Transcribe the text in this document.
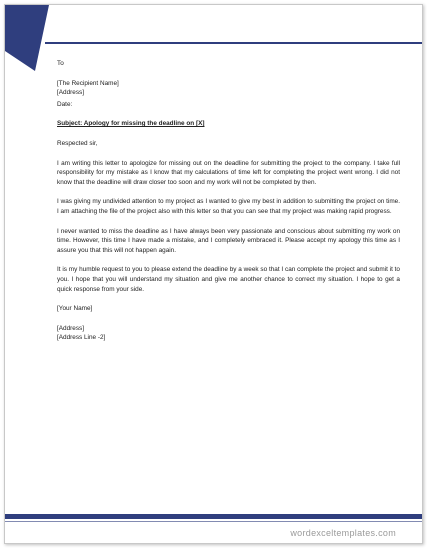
To

[The Recipient Name]

[Address]

Date:

Subject: Apology for missing the deadline on [X]

Respected sir,

I am writing this letter to apologize for missing out on the deadline for submitting the project to the company. I take full responsibility for my mistake as I know that my calculations of time left for completing the project went wrong. I did not know that the deadline will draw closer too soon and my work will not be completed by then.

I was giving my undivided attention to my project as I wanted to give my best in addition to submitting the project on time. I am attaching the file of the project also with this letter so that you can see that my project was making rapid progress.

I never wanted to miss the deadline as I have always been very passionate and conscious about submitting my work on time. However, this time I have made a mistake, and I completely embraced it. Please accept my apology this time as I assure you that this will not happen again.

It is my humble request to you to please extend the deadline by a week so that I can complete the project and submit it to you. I hope that you will understand my situation and give me another chance to correct my situation. I hope to get a quick response from your side.

[Your Name]

[Address]

[Address Line -2]

wordexceltemplates.com
